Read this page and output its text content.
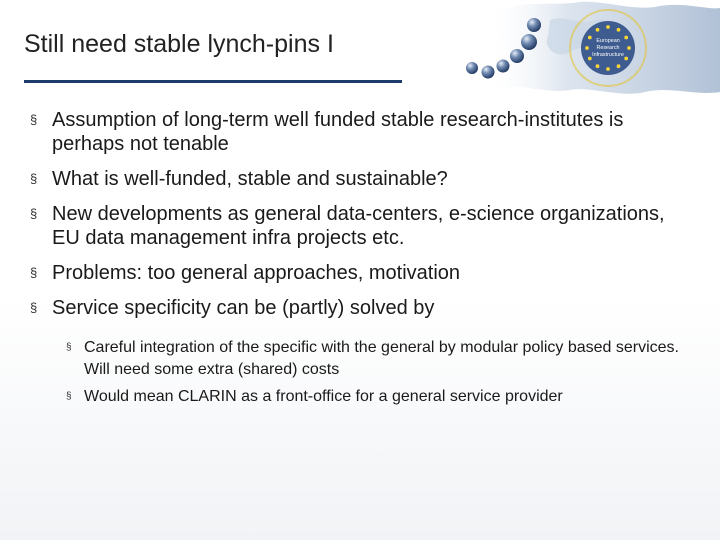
European
Research
Infrastructure
Still need stable lynch-pins I
§ Assumption of long-term well funded stable research-institutes is perhaps not tenable
§ What is well-funded, stable and sustainable?
§ New developments as general data-centers, e-science organizations, EU data management infra projects etc.
§ Problems: too general approaches, motivation
§ Service specificity can be (partly) solved by
§ Careful integration of the specific with the general by modular policy based services. Will need some extra (shared) costs
§ Would mean CLARIN as a front-office for a general service provider
